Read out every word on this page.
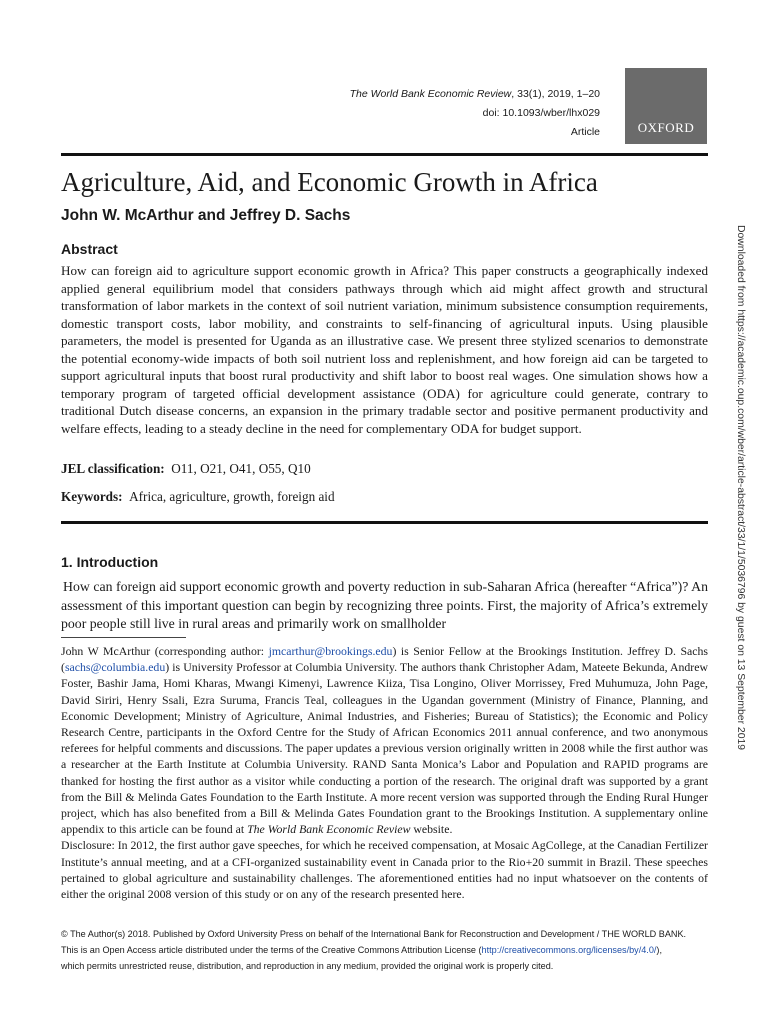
The World Bank Economic Review, 33(1), 2019, 1–20
doi: 10.1093/wber/lhx029
Article	OXFORD
Agriculture, Aid, and Economic Growth in Africa
John W. McArthur and Jeffrey D. Sachs
Abstract
How can foreign aid to agriculture support economic growth in Africa? This paper constructs a geographically indexed applied general equilibrium model that considers pathways through which aid might affect growth and structural transformation of labor markets in the context of soil nutrient variation, minimum subsistence consumption requirements, domestic transport costs, labor mobility, and constraints to self-financing of agricultural inputs. Using plausible parameters, the model is presented for Uganda as an illustrative case. We present three stylized scenarios to demonstrate the potential economy-wide impacts of both soil nutrient loss and replenishment, and how foreign aid can be targeted to support agricultural inputs that boost rural productivity and shift labor to boost real wages. One simulation shows how a temporary program of targeted official development assistance (ODA) for agriculture could generate, contrary to traditional Dutch disease concerns, an expansion in the primary tradable sector and positive permanent productivity and welfare effects, leading to a steady decline in the need for complementary ODA for budget support.
JEL classification: O11, O21, O41, O55, Q10
Keywords: Africa, agriculture, growth, foreign aid
1. Introduction
How can foreign aid support economic growth and poverty reduction in sub-Saharan Africa (hereafter “Africa”)? An assessment of this important question can begin by recognizing three points. First, the majority of Africa’s extremely poor people still live in rural areas and primarily work on smallholder

John W McArthur (corresponding author: jmcarthur@brookings.edu) is Senior Fellow at the Brookings Institution. Jeffrey D. Sachs (sachs@columbia.edu) is University Professor at Columbia University. The authors thank Christopher Adam, Mateete Bekunda, Andrew Foster, Bashir Jama, Homi Kharas, Mwangi Kimenyi, Lawrence Kiiza, Tisa Longino, Oliver Morrissey, Fred Muhumuza, John Page, David Siriri, Henry Ssali, Ezra Suruma, Francis Teal, colleagues in the Ugandan government (Ministry of Finance, Planning, and Economic Development; Ministry of Agriculture, Animal Industries, and Fisheries; Bureau of Statistics); the Economic and Policy Research Centre, participants in the Oxford Centre for the Study of African Economics 2011 annual conference, and two anonymous referees for helpful comments and discussions. The paper updates a previous version originally written in 2008 while the first author was a researcher at the Earth Institute at Columbia University. RAND Santa Monica’s Labor and Population and RAPID programs are thanked for hosting the first author as a visitor while conducting a portion of the research. The original draft was supported by a grant from the Bill & Melinda Gates Foundation to the Earth Institute. A more recent version was supported through the Ending Rural Hunger project, which has also benefited from a Bill & Melinda Gates Foundation grant to the Brookings Institution. A supplementary online appendix to this article can be found at The World Bank Economic Review website.

Disclosure: In 2012, the first author gave speeches, for which he received compensation, at Mosaic AgCollege, at the Canadian Fertilizer Institute’s annual meeting, and at a CFI-organized sustainability event in Canada prior to the Rio+20 summit in Brazil. These speeches pertained to global agriculture and sustainability challenges. The aforementioned entities had no input whatsoever on the contents of either the original 2008 version of this study or on any of the research presented here.

© The Author(s) 2018. Published by Oxford University Press on behalf of the International Bank for Reconstruction and Development / THE WORLD BANK.
This is an Open Access article distributed under the terms of the Creative Commons Attribution License (http://creativecommons.org/licenses/by/4.0/),
which permits unrestricted reuse, distribution, and reproduction in any medium, provided the original work is properly cited.
Downloaded from https://academic.oup.com/wber/article-abstract/33/1/1/5036796 by guest on 13 September 2019
